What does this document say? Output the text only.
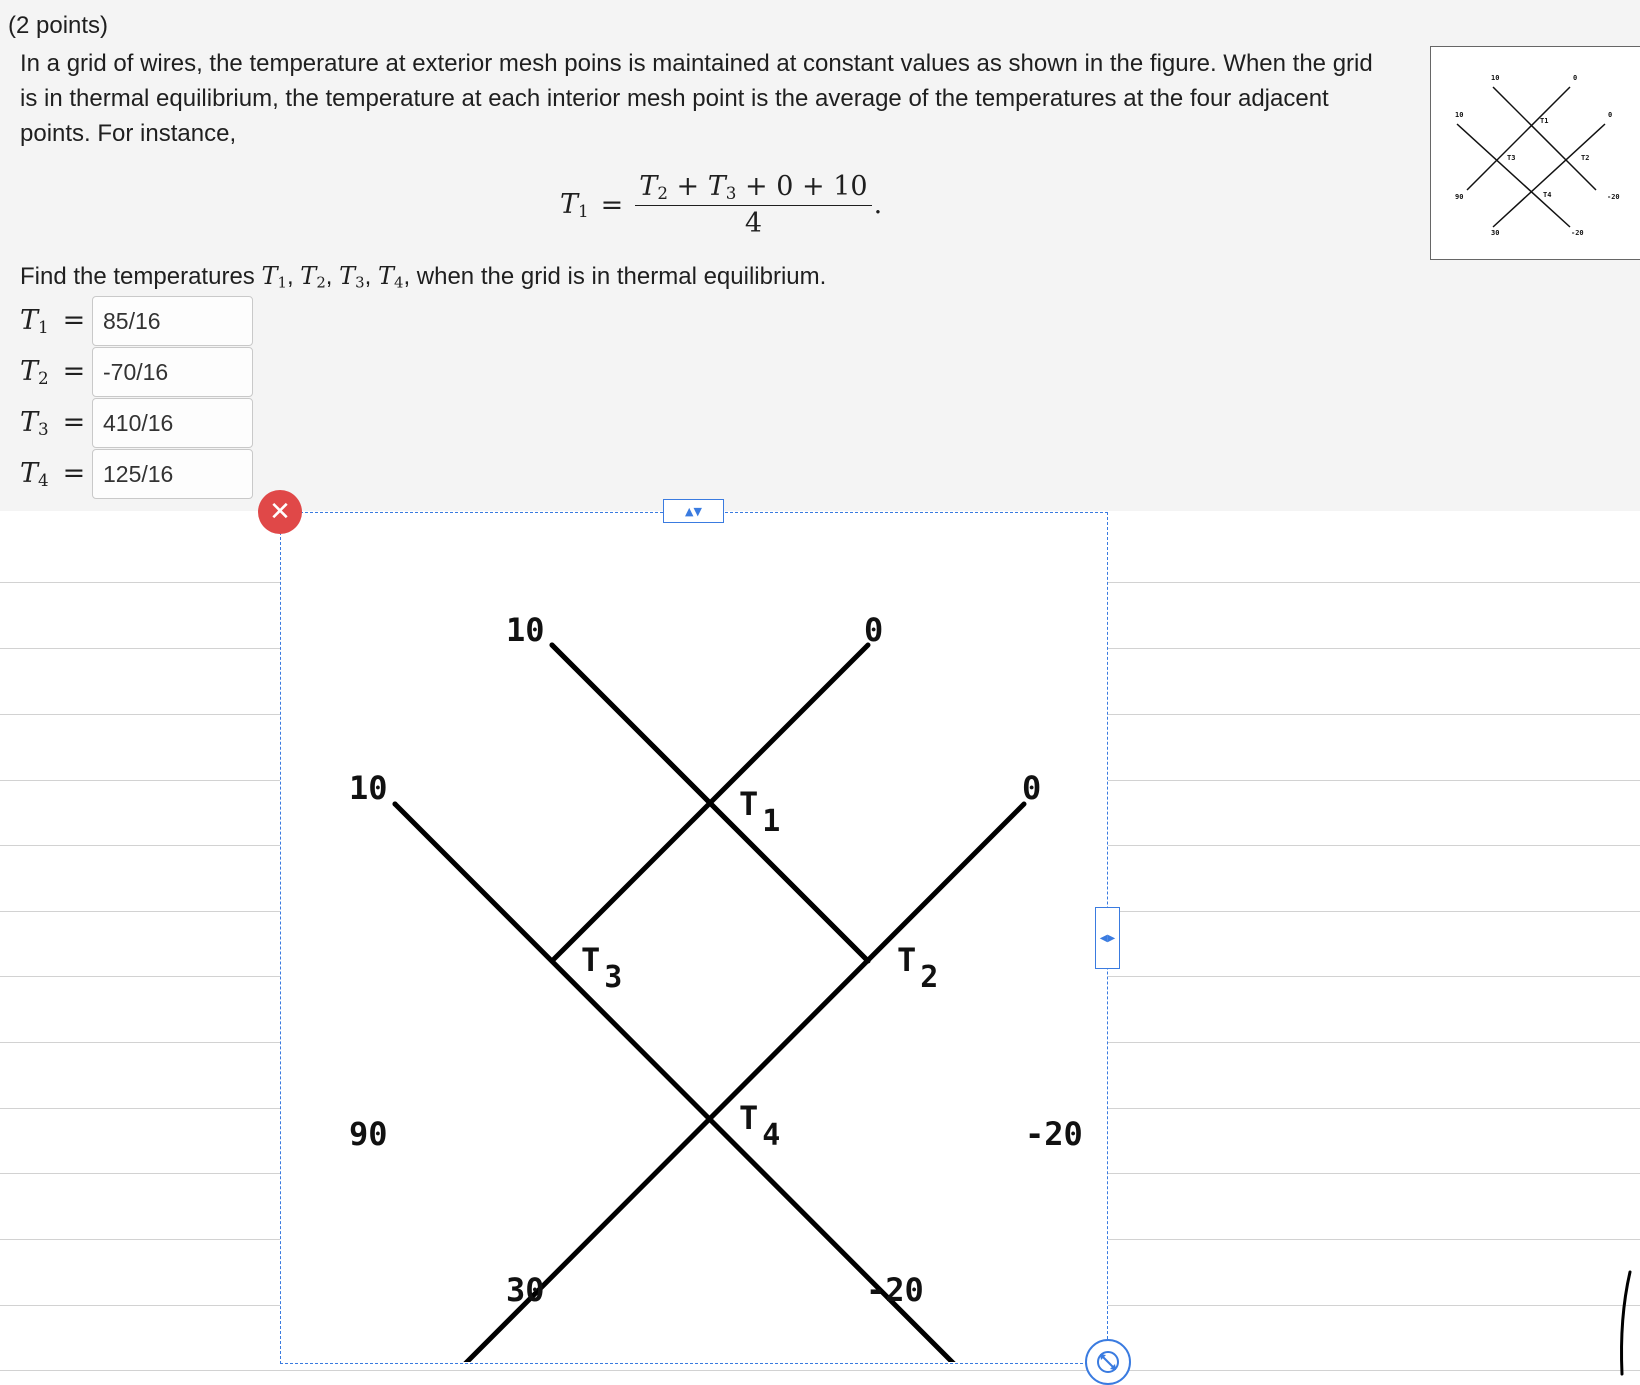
(2 points)

In a grid of wires, the temperature at exterior mesh poins is maintained at constant values as shown in the figure. When the grid is in thermal equilibrium, the temperature at each interior mesh point is the average of the temperatures at the four adjacent points. For instance,

$T_1 = \frac{T_2 + T_3 + 0 + 10}{4}$ .
Find the temperatures $T_1$, $T_2$, $T_3$, $T_4$, when the grid is in thermal equilibrium.
$T_1$ =
85/16
$T_2$ =
-70/16
$T_3$ =
410/16
$T_4$ =
125/16
10	0
10	0
90	-20
30	-20
T1
T2
T3
T4
10	0
10	0
90	-20
30	-20
T 1
T 2
T 3
T 4
✕	▲▼
◀▶
